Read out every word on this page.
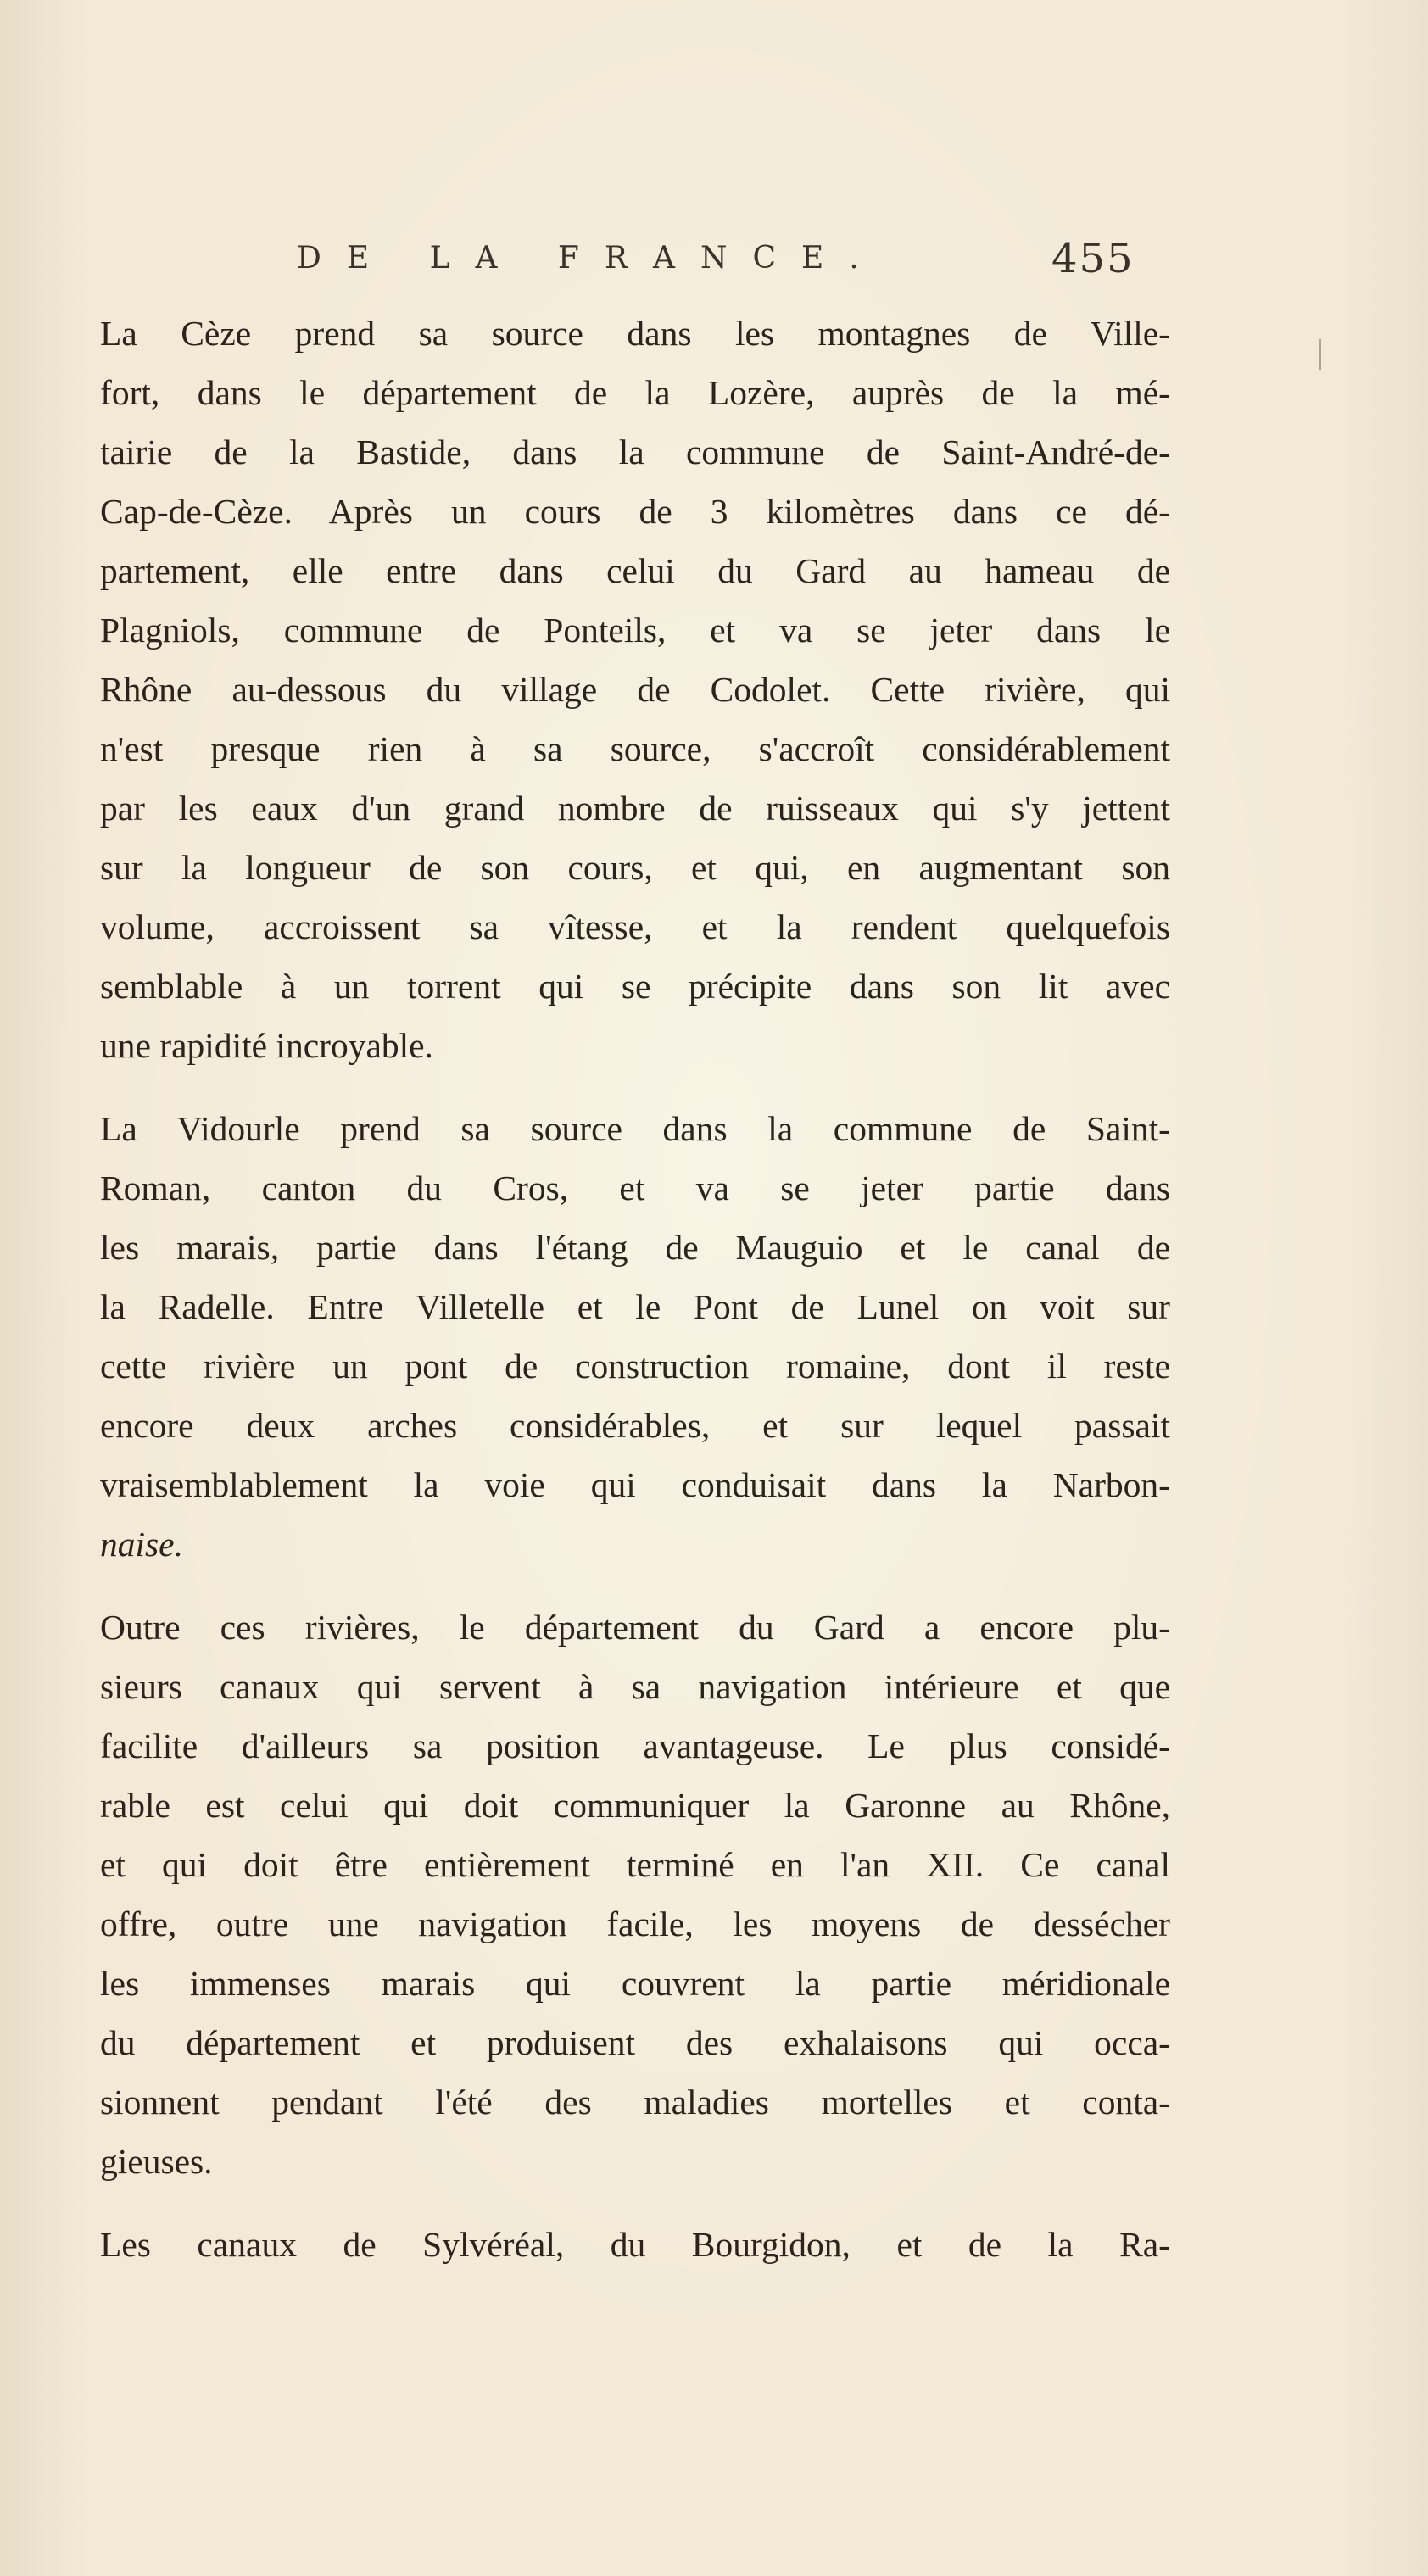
DE LA FRANCE.	455
La Cèze prend sa source dans les montagnes de Ville-
fort, dans le département de la Lozère, auprès de la mé-
tairie de la Bastide, dans la commune de Saint-André-de-
Cap-de-Cèze. Après un cours de 3 kilomètres dans ce dé-
partement, elle entre dans celui du Gard au hameau de
Plagniols, commune de Ponteils, et va se jeter dans le
Rhône au-dessous du village de Codolet. Cette rivière, qui
n'est presque rien à sa source, s'accroît considérablement
par les eaux d'un grand nombre de ruisseaux qui s'y jettent
sur la longueur de son cours, et qui, en augmentant son
volume, accroissent sa vîtesse, et la rendent quelquefois
semblable à un torrent qui se précipite dans son lit avec
une rapidité incroyable.
La Vidourle prend sa source dans la commune de Saint-
Roman, canton du Cros, et va se jeter partie dans
les marais, partie dans l'étang de Mauguio et le canal de
la Radelle. Entre Villetelle et le Pont de Lunel on voit sur
cette rivière un pont de construction romaine, dont il reste
encore deux arches considérables, et sur lequel passait
vraisemblablement la voie qui conduisait dans la Narbon-
naise.
Outre ces rivières, le département du Gard a encore plu-
sieurs canaux qui servent à sa navigation intérieure et que
facilite d'ailleurs sa position avantageuse. Le plus considé-
rable est celui qui doit communiquer la Garonne au Rhône,
et qui doit être entièrement terminé en l'an XII. Ce canal
offre, outre une navigation facile, les moyens de dessécher
les immenses marais qui couvrent la partie méridionale
du département et produisent des exhalaisons qui occa-
sionnent pendant l'été des maladies mortelles et conta-
gieuses.
Les canaux de Sylvéréal, du Bourgidon, et de la Ra-
